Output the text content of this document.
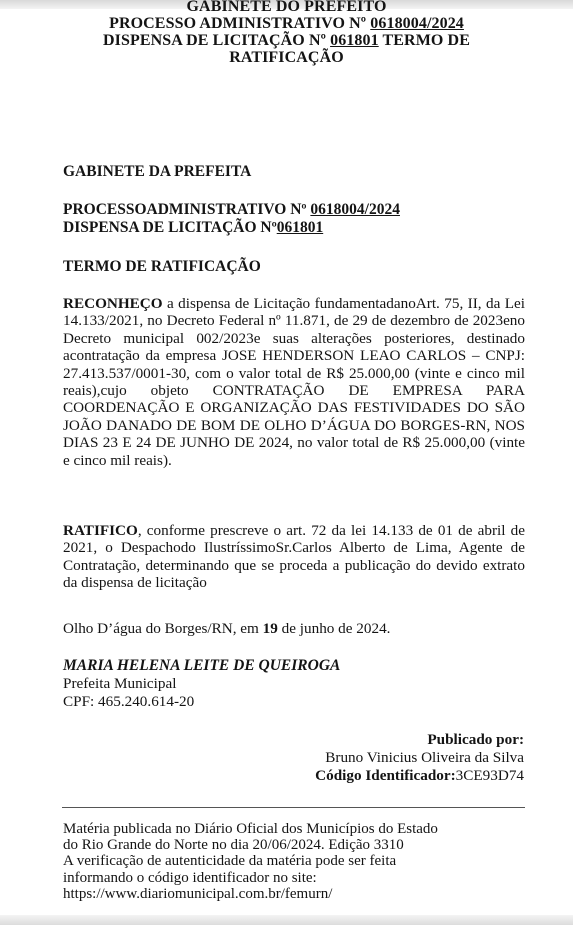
GABINETE DO PREFEITO
PROCESSO ADMINISTRATIVO Nº 0618004/2024
DISPENSA DE LICITAÇÃO Nº 061801 TERMO DE
RATIFICAÇÃO
GABINETE DA PREFEITA
PROCESSOADMINISTRATIVO Nº 0618004/2024
DISPENSA DE LICITAÇÃO Nº061801
TERMO DE RATIFICAÇÃO
RECONHEÇO a dispensa de Licitação fundamentadanoArt. 75, II, da Lei 14.133/2021, no Decreto Federal nº 11.871, de 29 de dezembro de 2023eno Decreto municipal 002/2023e suas alterações posteriores, destinado acontratação da empresa JOSE HENDERSON LEAO CARLOS – CNPJ: 27.413.537/0001-30, com o valor total de R$ 25.000,00 (vinte e cinco mil reais),cujo objeto CONTRATAÇÃO DE EMPRESA PARA COORDENAÇÃO E ORGANIZAÇÃO DAS FESTIVIDADES DO SÃO JOÃO DANADO DE BOM DE OLHO D’ÁGUA DO BORGES-RN, NOS DIAS 23 E 24 DE JUNHO DE 2024, no valor total de R$ 25.000,00 (vinte e cinco mil reais).
RATIFICO, conforme prescreve o art. 72 da lei 14.133 de 01 de abril de 2021, o Despachodo IlustríssimoSr.Carlos Alberto de Lima, Agente de Contratação, determinando que se proceda a publicação do devido extrato da dispensa de licitação
Olho D’água do Borges/RN, em 19 de junho de 2024.
MARIA HELENA LEITE DE QUEIROGA
Prefeita Municipal
CPF: 465.240.614-20
Publicado por:
Bruno Vinicius Oliveira da Silva
Código Identificador:3CE93D74
Matéria publicada no Diário Oficial dos Municípios do Estado
do Rio Grande do Norte no dia 20/06/2024. Edição 3310
A verificação de autenticidade da matéria pode ser feita
informando o código identificador no site:
https://www.diariomunicipal.com.br/femurn/
